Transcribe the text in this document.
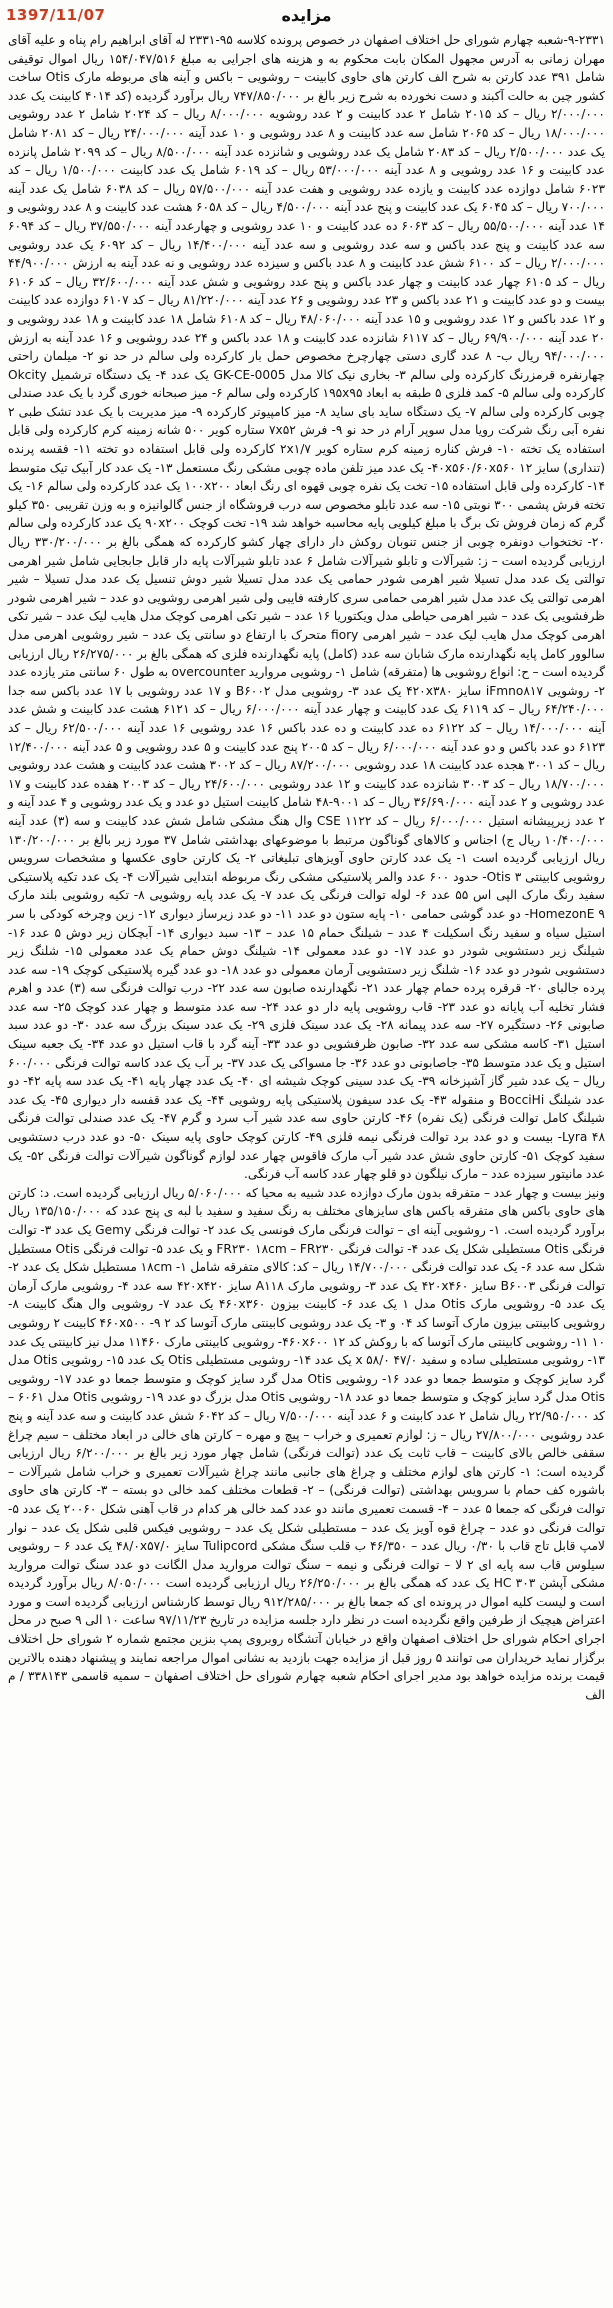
1397/11/07	مزایده

۹-۲۳۳۱-شعبه چهارم شورای حل اختلاف اصفهان در خصوص پرونده کلاسه ۹۵-۲۳۳۱ له آقای ابراهیم رام پناه و علیه آقای مهران زمانی به آدرس مجهول المکان بابت محکوم به و هزینه های اجرایی به مبلغ ۱۵۴/۰۴۷/۵۱۶ ریال اموال توقیفی شامل ۳۹۱ عدد کارتن به شرح الف کارتن های حاوی کابینت – روشویی – باکس و آینه های مربوطه مارک Otis ساخت کشور چین به حالت آکبند و دست نخورده به شرح زیر بالغ بر ۷۴۷/۸۵۰/۰۰۰ ریال برآورد گردیده (کد ۴۰۱۴ کابینت یک عدد ۲/۰۰۰/۰۰۰ ریال – کد ۲۰۱۵ شامل ۲ عدد کابینت و ۲ عدد روشویه ۸/۰۰۰/۰۰۰ ریال – کد ۲۰۲۴ شامل ۲ عدد روشویی ۱۸/۰۰۰/۰۰۰ ریال – کد ۲۰۶۵ شامل سه عدد کابینت و ۸ عدد روشویی و ۱۰ عدد آینه ۲۴/۰۰۰/۰۰۰ ریال – کد ۲۰۸۱ شامل یک عدد ۲/۵۰۰/۰۰۰ ریال – کد ۲۰۸۳ شامل یک عدد روشویی و شانزده عدد آینه ۸/۵۰۰/۰۰۰ ریال – کد ۲۰۹۹ شامل پانزده عدد کابینت و ۱۶ عدد روشویی و ۸ عدد آینه ۵۳/۰۰۰/۰۰۰ ریال – کد ۶۰۱۹ شامل یک عدد کابینت ۱/۵۰۰/۰۰۰ ریال – کد ۶۰۲۳ شامل دوازده عدد کابینت و یازده عدد روشویی و هفت عدد آینه ۵۷/۵۰۰/۰۰۰ ریال – کد ۶۰۳۸ شامل یک عدد آینه ۷۰۰/۰۰۰ ریال – کد ۶۰۴۵ یک عدد کابینت و پنج عدد آینه ۴/۵۰۰/۰۰۰ ریال – کد ۶۰۵۸ هشت عدد کابینت و ۸ عدد روشویی و ۱۴ عدد آینه ۵۵/۵۰۰/۰۰۰ ریال – کد ۶۰۶۳ ده عدد کابینت و ۱۰ عدد روشویی و چهارعدد آینه ۳۷/۵۵۰/۰۰۰ ریال – کد ۶۰۹۴ سه عدد کابینت و پنج عدد باکس و سه عدد روشویی و سه عدد آینه ۱۴/۴۰۰/۰۰۰ ریال – کد ۶۰۹۲ یک عدد روشویی ۲/۰۰۰/۰۰۰ ریال – کد ۶۱۰۰ شش عدد کابینت و ۸ عدد باکس و سیزده عدد روشویی و نه عدد آینه به ارزش ۴۴/۹۰۰/۰۰۰ ریال – کد ۶۱۰۵ چهار عدد کابینت و چهار عدد باکس و پنج عدد روشویی و شش عدد آینه ۳۲/۶۰۰/۰۰۰ ریال – کد ۶۱۰۶ بیست و دو عدد کابینت و ۲۱ عدد باکس و ۲۳ عدد روشویی و ۲۶ عدد آینه ۸۱/۲۲۰/۰۰۰ ریال – کد ۶۱۰۷ دوازده عدد کابینت و ۱۲ عدد باکس و ۱۲ عدد روشویی و ۱۵ عدد آینه ۴۸/۰۶۰/۰۰۰ ریال – کد ۶۱۰۸ شامل ۱۸ عدد کابینت و ۱۸ عدد روشویی و ۲۰ عدد آینه ۶۹/۹۰۰/۰۰۰ ریال – کد ۶۱۱۷ شانزده عدد کابینت و ۱۸ عدد باکس و ۲۴ عدد روشویی و ۱۶ عدد آینه به ارزش ۹۴/۰۰۰/۰۰۰ ریال ب- ۸ عدد گاری دستی چهارچرخ مخصوص حمل بار کارکرده ولی سالم در حد نو ۲- میلمان راحتی چهارنفره قرمزرنگ کارکرده ولی سالم ۳- بخاری نیک کالا مدل GK-CE-0005 یک عدد ۴- یک دستگاه ترشمیل Okcity کارکرده ولی سالم ۵- کمد فلزی ۵ طبقه به ابعاد ۱۹۵x۹۵ کارکرده ولی سالم ۶- میز صبحانه خوری گرد با یک عدد صندلی چوبی کارکرده ولی سالم ۷- یک دستگاه ساید بای ساید ۸- میز کامپیوتر کارکرده ۹- میز مدیریت با یک عدد تشک طبی ۲ نفره آبی رنگ شرکت رویا مدل سوپر آرام در حد نو ۹- فرش ۷x۵۲ ستاره کویر ۵۰۰ شانه زمینه کرم کارکرده ولی قابل استفاده یک تخته ۱۰- فرش کناره زمینه کرم ستاره کویر ۲x۱/۷ کارکرده ولی قابل استفاده دو تخته ۱۱- فقسه پرنده (تنداری) سایز ۴۰x۵۶۰/۶۰x۵۶۰ ۱۲- یک عدد میز تلفن ماده چوبی مشکی رنگ مستعمل ۱۳- یک عدد کار آبیک تیک متوسط ۱۴- کارکرده ولی قابل استفاده ۱۵- تخت یک نفره چوبی قهوه ای رنگ ابعاد ۱۰۰x۲۰۰ یک عدد کارکرده ولی سالم ۱۶- یک تخته فرش پشمی ۳۰۰ نوبتی ۱۵- سه عدد تابلو مخصوص سه درب فروشگاه از جنس گالوانیزه و به وزن تقریبی ۳۵۰ کیلو گرم که زمان فروش تک برگ با مبلغ کیلویی پایه محاسبه خواهد شد ۱۹- تخت کوچک ۹۰x۲۰۰ یک عدد کارکرده ولی سالم ۲۰- تختخواب دونفره چوبی از جنس تنوبان روکش دار دارای چهار کشو کارکرده که همگی بالغ بر ۳۳۰/۲۰۰/۰۰۰ ریال ارزیابی گردیده است – ز: شیرآلات و تابلو شیرآلات شامل ۶ عدد تابلو شیرآلات پایه دار قابل جابجایی شامل شیر اهرمی توالتی یک عدد مدل تسیلا شیر اهرمی شودر حمامی یک عدد مدل تسیلا شیر دوش تنسیل یک عدد مدل تسیلا – شیر اهرمی توالتی یک عدد مدل شیر اهرمی حمامی سری کارفته فایبی ولی شیر اهرمی روشویی دو عدد – شیر اهرمی شودر ظرفشویی یک عدد – شیر اهرمی حیاطی مدل ویکتوریا ۱۶ عدد – شیر تکی اهرمی کوچک مدل هایب لیک عدد – شیر تکی اهرمی کوچک مدل هایب لیک عدد – شیر اهرمی fiory متحرک با ارتفاع دو سانتی یک عدد – شیر روشویی اهرمی مدل سالوور کامل پایه نگهدارنده مارک شابان سه عدد (کامل) پایه نگهدارنده فلزی که همگی بالغ بر ۲۶/۲۷۵/۰۰۰ ریال ارزیابی گردیده است – ح: انواع روشویی ها (متفرقه) شامل ۱- روشویی مروارید overcounter به طول ۶۰ سانتی متر یازده عدد ۲- روشویی iFmno۸۱۷ سایز ۴۲۰x۳۸۰ یک عدد ۳- روشویی مدل B۶۰۰۲ و ۱۷ عدد روشویی با ۱۷ عدد باکس سه جدا ۶۴/۲۴۰/۰۰۰ ریال – کد ۶۱۱۹ یک عدد کابینت و چهار عدد آینه ۶/۰۰۰/۰۰۰ ریال – کد ۶۱۲۱ هشت عدد کابینت و شش عدد آینه ۱۴/۰۰۰/۰۰۰ ریال – کد ۶۱۲۲ ده عدد کابینت و ده عدد باکس ۱۶ عدد روشویی ۱۶ عدد آینه ۶۲/۵۰۰/۰۰۰ ریال – کد ۶۱۲۳ دو عدد باکس و دو عدد آینه ۶/۰۰۰/۰۰۰ ریال – کد ۲۰۰۵ پنج عدد کابینت و ۵ عدد روشویی و ۵ عدد آینه ۱۲/۴۰۰/۰۰۰ ریال – کد ۳۰۰۱ هجده عدد کابینت ۱۸ عدد روشویی ۸۷/۲۰۰/۰۰۰ ریال – کد ۳۰۰۲ هشت عدد کابینت و هشت عدد روشویی ۱۸/۷۰۰/۰۰۰ ریال – کد ۳۰۰۳ شانزده عدد کابینت و ۱۲ عدد روشویی ۲۴/۶۰۰/۰۰۰ ریال – کد ۲۰۰۳ هفده عدد کابینت و ۱۷ عدد روشویی و ۲ عدد آینه ۳۶/۶۹۰/۰۰۰ ریال – کد ۹۰۰۱-۴۸ شامل کابینت استیل دو عدد و یک عدد روشویی و ۴ عدد آینه و ۲ عدد زیرپیشانه استیل ۶/۰۰۰/۰۰۰ ریال – کد CSE ۱۱۲۲ وال هنگ مشکی شامل شش عدد کابینت و سه (۳) عدد آینه ۱۰/۴۰۰/۰۰۰ ریال ج) اجناس و کالاهای گوناگون مرتبط با موضوعهای بهداشتی شامل ۳۷ مورد زیر بالغ بر ۱۳۰/۲۰۰/۰۰۰ ریال ارزیابی گردیده است ۱- یک عدد کارتن حاوی آویزهای تبلیغاتی ۲- یک کارتن حاوی عکسها و مشخصات سرویس روشویی کابینتی Otis ۳- حدود ۶۰۰ عدد والمر پلاستیکی مشکی رنگ مربوطه ابتدایی شیرآلات ۴- یک عدد تکیه پلاستیکی سفید رنگ مارک الپی اس ۵۵ عدد ۶- لوله توالت فرنگی یک عدد ۷- یک عدد پایه روشویی ۸- تکیه روشویی بلند مارک HomezonE ۹- دو عدد گوشی حمامی ۱۰- پایه ستون دو عدد ۱۱- دو عدد زیرساز دیواری ۱۲- زین وچرخه کودکی با سر استیل سیاه و سفید رنگ اسکیلت ۴ عدد – شیلنگ حمام ۱۵ عدد – ۱۳- سبد دیواری ۱۴- آبچکان زیر دوش ۵ عدد ۱۶- شیلنگ زیر دستشویی شودر دو عدد ۱۷- دو عدد معمولی ۱۴- شیلنگ دوش حمام یک عدد معمولی ۱۵- شلنگ زیر دستشویی شودر دو عدد ۱۶- شلنگ زیر دستشویی آرمان معمولی دو عدد ۱۸- دو عدد گیره پلاستیکی کوچک ۱۹- سه عدد پرده جالبای ۲۰- قرقره پرده حمام چهار عدد ۲۱- نگهدارنده صابون سه عدد ۲۲- درب توالت فرنگی سه (۳) عدد و اهرم فشار تخلیه آب پایانه دو عدد ۲۳- قاب روشویی پایه دار دو عدد ۲۴- سه عدد متوسط و چهار عدد کوچک ۲۵- سه عدد صابونی ۲۶- دستگیره ۲۷- سه عدد پیمانه ۲۸- یک عدد سینک فلزی ۲۹- یک عدد سینک بزرگ سه عدد ۳۰- دو عدد سبد استیل ۳۱- کاسه مشکی سه عدد ۳۲- صابون ظرفشویی دو عدد ۳۳- آینه گرد با قاب استیل دو عدد ۳۴- یک جعبه سینک استیل و یک عدد متوسط ۳۵- جاصابونی دو عدد ۳۶- جا مسواکی یک عدد ۳۷- بر آب یک عدد کاسه توالت فرنگی ۶۰۰/۰۰۰ ریال – یک عدد شیر گاز آشپزخانه ۳۹- یک عدد سینی کوچک شیشه ای ۴۰- یک عدد چهار پایه ۴۱- یک عدد سه پایه ۴۲- دو عدد شیلنگ BocciHi و منقوله ۴۳- یک عدد سیفون پلاستیکی پایه روشویی ۴۴- یک عدد قفسه دار دیواری ۴۵- یک عدد شیلنگ کامل توالت فرنگی (یک نفره) ۴۶- کارتن حاوی سه عدد شیر آب سرد و گرم ۴۷- یک عدد صندلی توالت فرنگی Lyra ۴۸- بیست و دو عدد برد توالت فرنگی نیمه فلزی ۴۹- کارتن کوچک حاوی پایه سینک ۵۰- دو عدد درب دستشویی سفید کوچک ۵۱- کارتن حاوی شش عدد شیر آب مارک فاقوس چهار عدد لوازم گوناگون شیرآلات توالت فرنگی ۵۲- یک عدد مانیتور سیزده عدد – مارک نیلگون دو قلو چهار عدد کاسه آب فرنگی.

ونیز بیست و چهار عدد – متفرقه بدون مارک دوازده عدد شبیه به محیا که ۵/۰۶۰/۰۰۰ ریال ارزیابی گردیده است. د: کارتن های حاوی باکس های متفرقه باکس های سایزهای مختلف به رنگ سفید و سفید با لبه ی پنج عدد که ۱۳۵/۱۵۰/۰۰۰ ریال برآورد گردیده است. ۱- روشویی آینه ای – توالت فرنگی مارک فونسی یک عدد ۲- توالت فرنگی Gemy یک عدد ۳- توالت فرنگی Otis مستطیلی شکل یک عدد ۴- توالت فرنگی FR۲۳۰ ۱۸cm – FR۲۳۰ و یک عدد ۵- توالت فرنگی Otis مستطیل شکل سه عدد ۶- یک عدد توالت فرنگی ۱۴/۷۰۰/۰۰۰ ریال – کد: کالای متفرقه شامل ۱- ۱۸cm مستطیل شکل یک عدد ۲- توالت فرنگی B۶۰۰۳ سایز ۴۲۰x۴۶۰ یک عدد ۳- روشویی مارک A۱۱۸ سایز ۴۲۰x۴۲۰ سه عدد ۴- روشویی مارک آرمان یک عدد ۵- روشویی مارک Otis مدل ۱ یک عدد ۶- کابینت بیزون ۴۶۰x۳۶۰ یک عدد ۷- روشویی وال هنگ کابینت ۸- روشویی کابینتی بیزون مارک آتوسا کد ۰۴ و ۳- یک عدد روشویی کابینتی مارک آتوسا کد ۲ ۹- ۴۶۰x۵۰۰ کابینت ۲ روشویی ۱۰ ۱۱- روشویی کابینتی مارک آتوسا که با روکش کد ۴۶۰x۶۰۰ ۱۲- روشویی کابینتی مارک ۱۱۴۶۰ مدل نیز کابینتی یک عدد ۱۳- روشویی مستطیلی ساده و سفید ۴۷/۰ x ۵۸/۰ یک عدد ۱۴- روشویی مستطیلی Otis یک عدد ۱۵- روشویی Otis مدل گرد سایز کوچک و متوسط جمعا دو عدد ۱۶- روشویی Otis مدل گرد سایز کوچک و متوسط جمعا دو عدد ۱۷- روشویی Otis مدل گرد سایز کوچک و متوسط جمعا دو عدد ۱۸- روشویی Otis مدل بزرگ دو عدد ۱۹- روشویی Otis مدل ۶۰۶۱ – کد ۲۲/۹۵۰/۰۰۰ ریال شامل ۲ عدد کابینت و ۶ عدد آینه ۷/۵۰۰/۰۰۰ ریال – کد ۶۰۴۲ شش عدد کابینت و سه عدد آینه و پنج عدد روشویی ۲۷/۸۰۰/۰۰۰ ریال – ز: لوازم تعمیری و خراب – پیچ و مهره – کارتن های خالی در ابعاد مختلف – سیم چراغ سقفی خالص بالای کابینت – قاب ثابت یک عدد (توالت فرنگی) شامل چهار مورد زیر بالغ بر ۶/۲۰۰/۰۰۰ ریال ارزیابی گردیده است: ۱- کارتن های لوازم مختلف و چراغ های جانبی مانند چراغ شیرآلات تعمیری و خراب شامل شیرآلات – باشوره کف حمام با سرویس بهداشتی (توالت فرنگی) – ۲- قطعات مختلف کمد خالی دو بسته – ۳- کارتن های حاوی توالت فرنگی که جمعا ۵ عدد – ۴- قسمت تعمیری مانند دو عدد کمد خالی هر کدام در قاب آهنی شکل ۲۰۰۶۰ یک عدد ۵- توالت فرنگی دو عدد – چراغ قوه آویز یک عدد – مستطیلی شکل یک عدد – روشویی فیکس قلبی شکل یک عدد – نوار لامپ قابل تاج قاب با ۰/۳۰ ریال عدد – ۴۶/۳۵۰ ب قلب سنگ مشکی Tulipcord سایز ۴۸/۰x۵۷/۰ یک عدد ۶ – روشویی سیلوس قاب سه پایه ای ۲ لا – توالت فرنگی و نیمه – سنگ توالت مروارید مدل الگانت دو عدد سنگ توالت مروارید مشکی آپشن ۳۰۳ HC یک عدد که همگی بالغ بر ۲۶/۲۵۰/۰۰۰ ریال ارزیابی گردیده است ۸/۰۵۰/۰۰۰ ریال برآورد گردیده است و لیست کلیه اموال در پرونده ای که جمعا بالغ بر ۹۱۲/۲۸۵/۰۰۰ ریال توسط کارشناس ارزیابی گردیده است و مورد اعتراض هیچیک از طرفین واقع نگردیده است در نظر دارد جلسه مزایده در تاریخ ۹۷/۱۱/۲۳ ساعت ۱۰ الی ۹ صبح در محل اجرای احکام شورای حل اختلاف اصفهان واقع در خیابان آتشگاه روبروی پمپ بنزین مجتمع شماره ۲ شورای حل اختلاف برگزار نماید خریداران می توانند ۵ روز قبل از مزایده جهت بازدید به نشانی اموال مراجعه نمایند و پیشنهاد دهنده بالاترین قیمت برنده مزایده خواهد بود مدیر اجرای احکام شعبه چهارم شورای حل اختلاف اصفهان – سمیه قاسمی ۳۳۸۱۴۳ / م الف
